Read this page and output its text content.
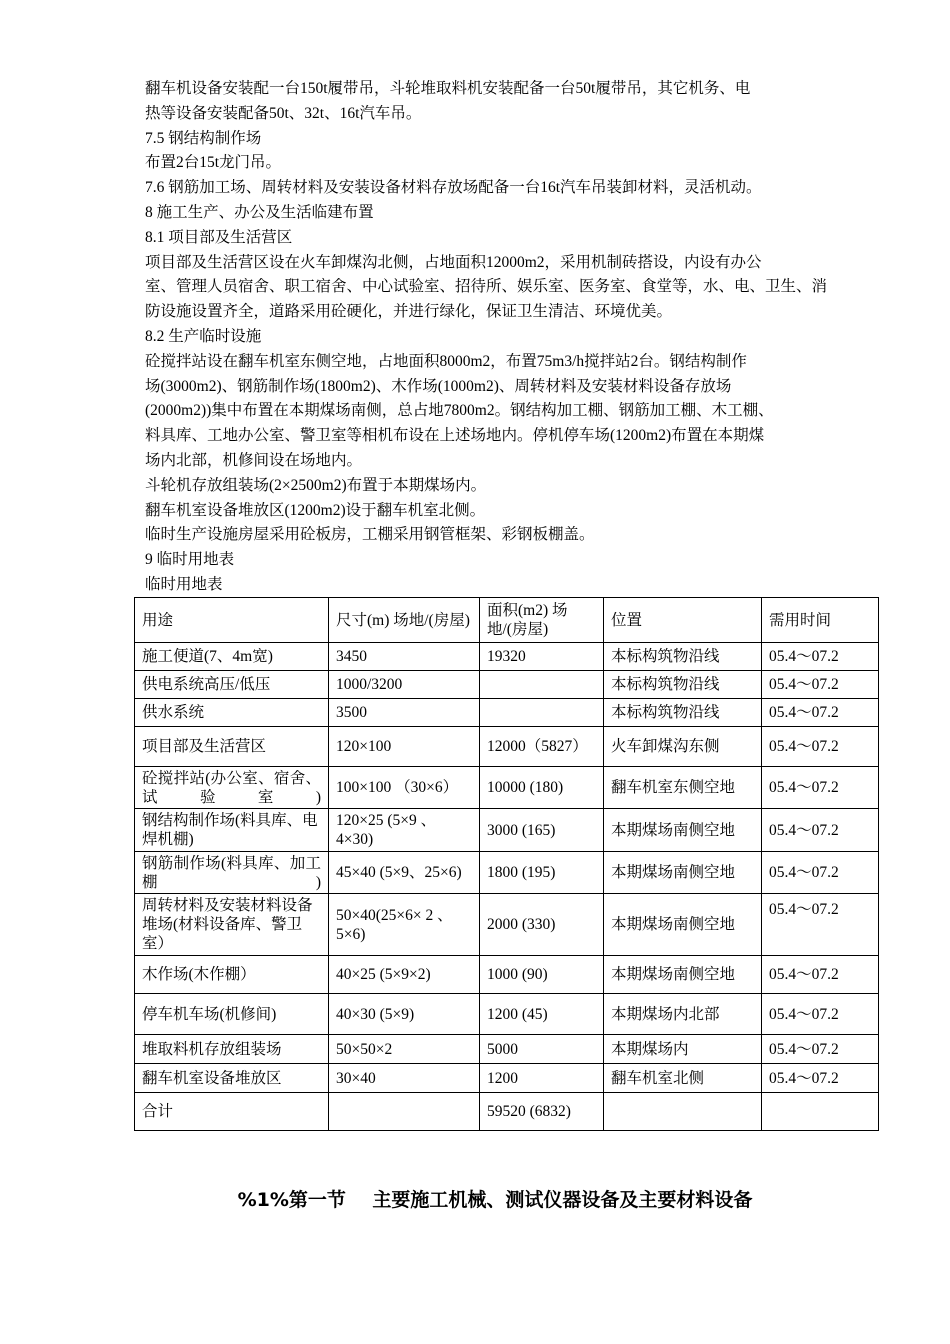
翻车机设备安装配一台150t履带吊，斗轮堆取料机安装配备一台50t履带吊，其它机务、电
热等设备安装配备50t、32t、16t汽车吊。
7.5 钢结构制作场
布置2台15t龙门吊。
7.6 钢筋加工场、周转材料及安装设备材料存放场配备一台16t汽车吊装卸材料，灵活机动。
8 施工生产、办公及生活临建布置
8.1 项目部及生活营区
项目部及生活营区设在火车卸煤沟北侧，占地面积12000m2，采用机制砖搭设，内设有办公
室、管理人员宿舍、职工宿舍、中心试验室、招待所、娱乐室、医务室、食堂等，水、电、卫生、消
防设施设置齐全，道路采用砼硬化，并进行绿化，保证卫生清洁、环境优美。
8.2 生产临时设施
砼搅拌站设在翻车机室东侧空地，占地面积8000m2，布置75m3/h搅拌站2台。钢结构制作
场(3000m2)、钢筋制作场(1800m2)、木作场(1000m2)、周转材料及安装材料设备存放场
(2000m2))集中布置在本期煤场南侧，总占地7800m2。钢结构加工棚、钢筋加工棚、木工棚、
料具库、工地办公室、警卫室等相机布设在上述场地内。停机停车场(1200m2)布置在本期煤
场内北部，机修间设在场地内。
斗轮机存放组装场(2×2500m2)布置于本期煤场内。
翻车机室设备堆放区(1200m2)设于翻车机室北侧。
临时生产设施房屋采用砼板房，工棚采用钢管框架、彩钢板棚盖。
9 临时用地表
临时用地表
用途	尺寸(m) 场地/(房屋)	面积(m2) 场地/(房屋)	位置	需用时间
施工便道(7、4m宽)	3450	19320	本标构筑物沿线	05.4～07.2
供电系统高压/低压	1000/3200		本标构筑物沿线	05.4～07.2
供水系统	3500		本标构筑物沿线	05.4～07.2
项目部及生活营区	120×100	12000（5827）	火车卸煤沟东侧	05.4～07.2
砼搅拌站(办公室、宿舍、试验室)	100×100 （30×6）	10000 (180)	翻车机室东侧空地	05.4～07.2
钢结构制作场(料具库、电焊机棚)	120×25 (5×9 、4×30)	3000 (165)	本期煤场南侧空地	05.4～07.2
钢筋制作场(料具库、加工棚)	45×40 (5×9、25×6)	1800 (195)	本期煤场南侧空地	05.4～07.2
周转材料及安装材料设备堆场(材料设备库、警卫室）	50×40(25×6× 2 、5×6)	2000 (330)	本期煤场南侧空地	05.4～07.2
木作场(木作棚）	40×25 (5×9×2)	1000 (90)	本期煤场南侧空地	05.4～07.2
停车机车场(机修间)	40×30 (5×9)	1200 (45)	本期煤场内北部	05.4～07.2
堆取料机存放组装场	50×50×2	5000	本期煤场内	05.4～07.2
翻车机室设备堆放区	30×40	1200	翻车机室北侧	05.4～07.2
合计		59520 (6832)		
%1%第一节    主要施工机械、测试仪器设备及主要材料设备
